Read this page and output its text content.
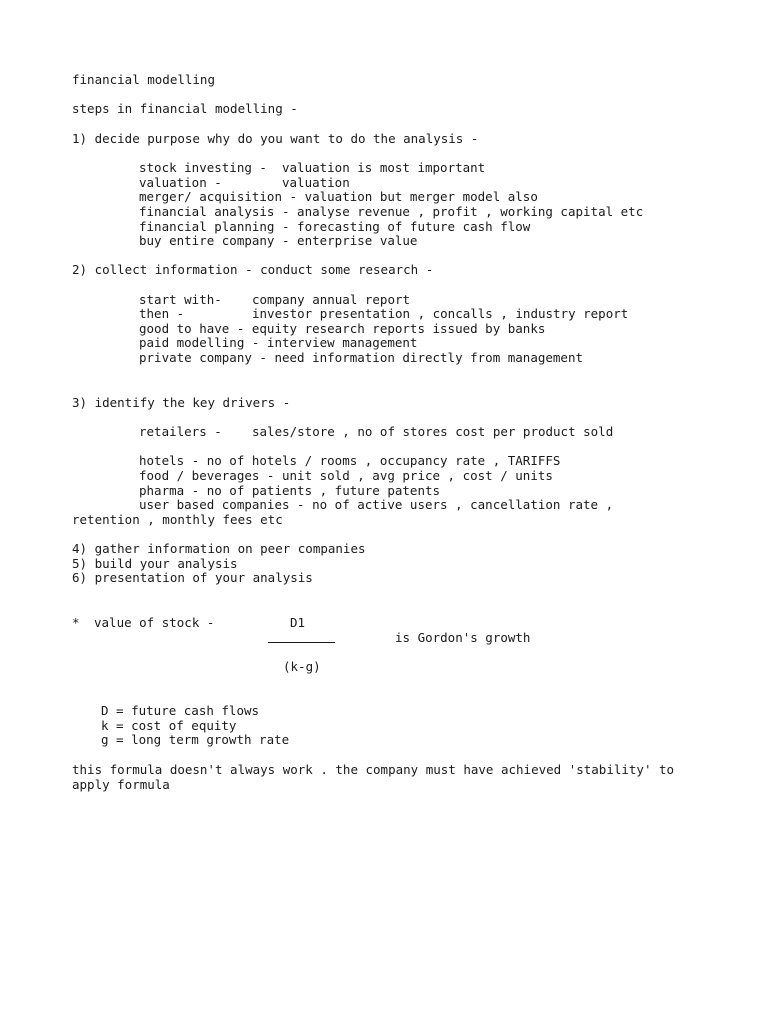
financial modelling

steps in financial modelling -

1) decide purpose why do you want to do the analysis -

stock investing - valuation is most important

valuation -	valuation

merger/ acquisition - valuation but merger model also

financial analysis - analyse revenue , profit , working capital etc

financial planning - forecasting of future cash flow

buy entire company - enterprise value

2) collect information - conduct some research -

start with- company annual report

then -	investor presentation , concalls , industry report

good to have - equity research reports issued by banks

paid modelling - interview management

private company - need information directly from management

3) identify the key drivers -

retailers - sales/store , no of stores cost per product sold

hotels - no of hotels / rooms , occupancy rate , TARIFFS

food / beverages - unit sold , avg price , cost / units

pharma - no of patients , future patents

user based companies - no of active users , cancellation rate ,

retention , monthly fees etc

4) gather information on peer companies

5) build your analysis

6) presentation of your analysis

* value of stock -	D1

is Gordon's growth

(k-g)

D = future cash flows

k = cost of equity

g = long term growth rate

this formula doesn't always work . the company must have achieved 'stability' to

apply formula
